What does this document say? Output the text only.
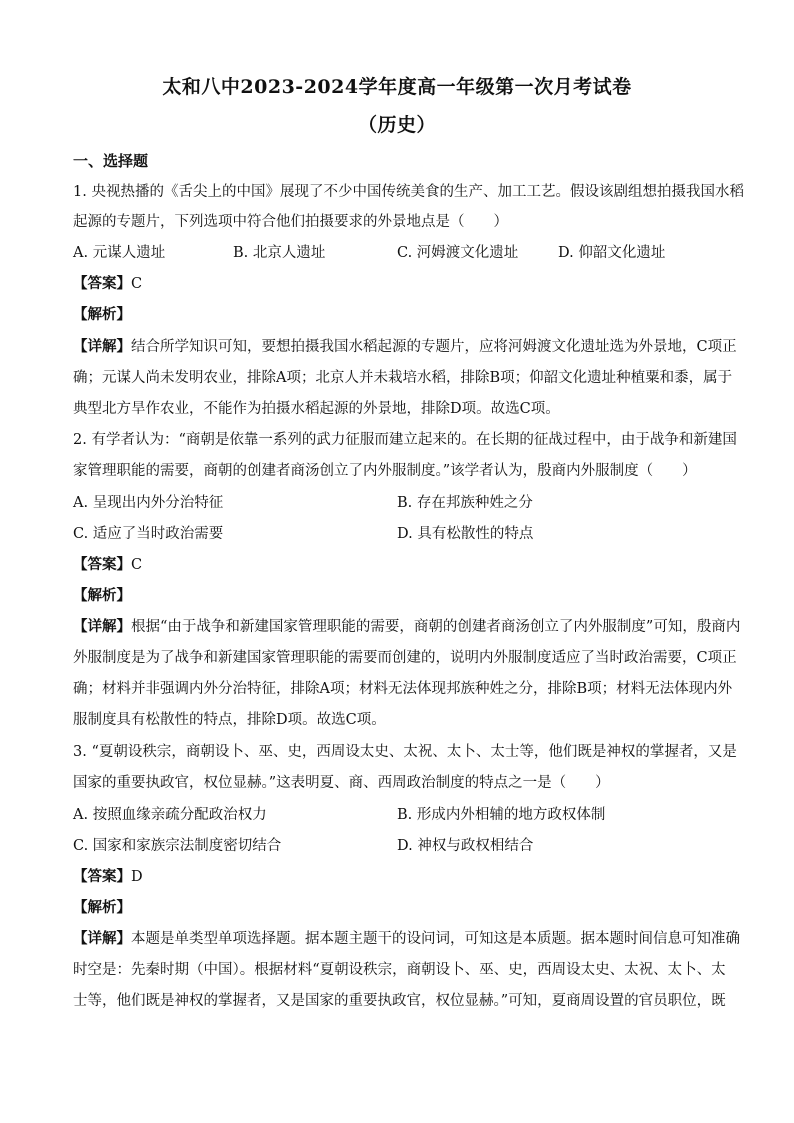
太和八中2023-2024学年度高一年级第一次月考试卷
（历史）
一、选择题
1. 央视热播的《舌尖上的中国》展现了不少中国传统美食的生产、加工工艺。假设该剧组想拍摄我国水稻
起源的专题片，下列选项中符合他们拍摄要求的外景地点是（　　）
A. 元谋人遗址	B. 北京人遗址	C. 河姆渡文化遗址	D. 仰韶文化遗址
【答案】C
【解析】
【详解】结合所学知识可知，要想拍摄我国水稻起源的专题片，应将河姆渡文化遗址选为外景地，C项正
确；元谋人尚未发明农业，排除A项；北京人并未栽培水稻，排除B项；仰韶文化遗址种植粟和黍，属于
典型北方旱作农业，不能作为拍摄水稻起源的外景地，排除D项。故选C项。
2. 有学者认为：“商朝是依靠一系列的武力征服而建立起来的。在长期的征战过程中，由于战争和新建国
家管理职能的需要，商朝的创建者商汤创立了内外服制度。”该学者认为，殷商内外服制度（　　）
A. 呈现出内外分治特征	B. 存在邦族种姓之分
C. 适应了当时政治需要	D. 具有松散性的特点
【答案】C
【解析】
【详解】根据“由于战争和新建国家管理职能的需要，商朝的创建者商汤创立了内外服制度”可知，殷商内
外服制度是为了战争和新建国家管理职能的需要而创建的，说明内外服制度适应了当时政治需要，C项正
确；材料并非强调内外分治特征，排除A项；材料无法体现邦族种姓之分，排除B项；材料无法体现内外
服制度具有松散性的特点，排除D项。故选C项。
3. “夏朝设秩宗，商朝设卜、巫、史，西周设太史、太祝、太卜、太士等，他们既是神权的掌握者，又是
国家的重要执政官，权位显赫。”这表明夏、商、西周政治制度的特点之一是（　　）
A. 按照血缘亲疏分配政治权力	B. 形成内外相辅的地方政权体制
C. 国家和家族宗法制度密切结合	D. 神权与政权相结合
【答案】D
【解析】
【详解】本题是单类型单项选择题。据本题主题干的设问词，可知这是本质题。据本题时间信息可知准确
时空是：先秦时期（中国）。根据材料“夏朝设秩宗，商朝设卜、巫、史，西周设太史、太祝、太卜、太
士等，他们既是神权的掌握者，又是国家的重要执政官，权位显赫。”可知，夏商周设置的官员职位，既
